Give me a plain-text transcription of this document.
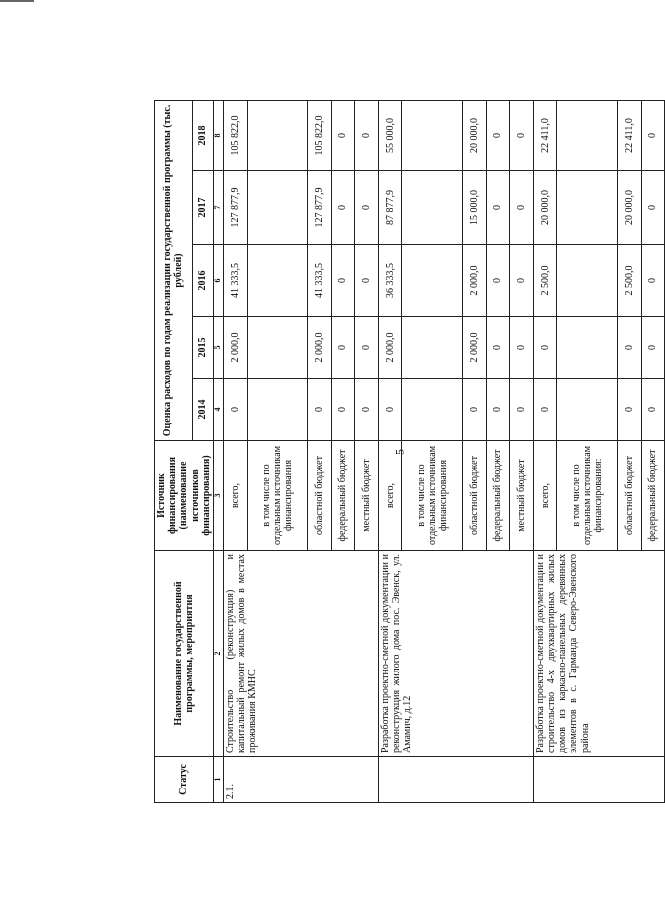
5
Статус	Наименование государственной программы, мероприятия	Источник финансирования (наименование источников финансирования)	Оценка расходов по годам реализации государственной программы (тыс. рублей)				
			2014	2015	2016	2017	2018
1	2	3	4	5	6	7	8
2.1.	Строительство (реконструкция) и капитальный ремонт жилых домов в местах проживания КМНС	всего,	0	2 000,0	41 333,5	127 877,9	105 822,0
		в том числе по отдельным источникам финансирования					
		областной бюджет	0	2 000,0	41 333,5	127 877,9	105 822,0
		федеральный бюджет	0	0	0	0	0
		местный бюджет	0	0	0	0	0
	Разработка проектно-сметной документации и реконструкция жилого дома пос. Эвенск, ул. Амамич, д.12	всего,	0	2 000,0	36 333,5	87 877,9	55 000,0
		в том числе по отдельным источникам финансирования					
		областной бюджет	0	2 000,0	2 000,0	15 000,0	20 000,0
		федеральный бюджет	0	0	0	0	0
		местный бюджет	0	0	0	0	0
	Разработка проектно-сметной документации и строительство 4-х двухквартирных жилых домов из каркасно-панельных деревянных элементов в с. Гарманда Северо-Эвенского района	всего,	0	0	2 500,0	20 000,0	22 411,0
		в том числе по отдельным источникам финансирования:					
		областной бюджет	0	0	2 500,0	20 000,0	22 411,0
		федеральный бюджет	0	0	0	0	0
